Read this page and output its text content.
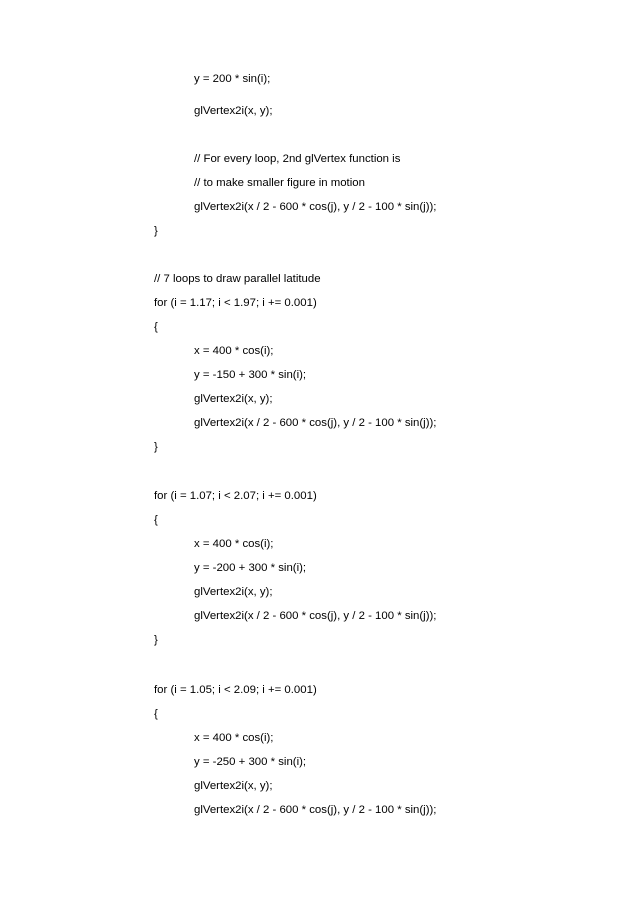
y = 200 * sin(i);
glVertex2i(x, y);
// For every loop, 2nd glVertex function is
// to make smaller figure in motion
glVertex2i(x / 2 - 600 * cos(j), y / 2 - 100 * sin(j));
}
// 7 loops to draw parallel latitude
for (i = 1.17; i < 1.97; i += 0.001)
{
x = 400 * cos(i);
y = -150 + 300 * sin(i);
glVertex2i(x, y);
glVertex2i(x / 2 - 600 * cos(j), y / 2 - 100 * sin(j));
}
for (i = 1.07; i < 2.07; i += 0.001)
{
x = 400 * cos(i);
y = -200 + 300 * sin(i);
glVertex2i(x, y);
glVertex2i(x / 2 - 600 * cos(j), y / 2 - 100 * sin(j));
}
for (i = 1.05; i < 2.09; i += 0.001)
{
x = 400 * cos(i);
y = -250 + 300 * sin(i);
glVertex2i(x, y);
glVertex2i(x / 2 - 600 * cos(j), y / 2 - 100 * sin(j));
